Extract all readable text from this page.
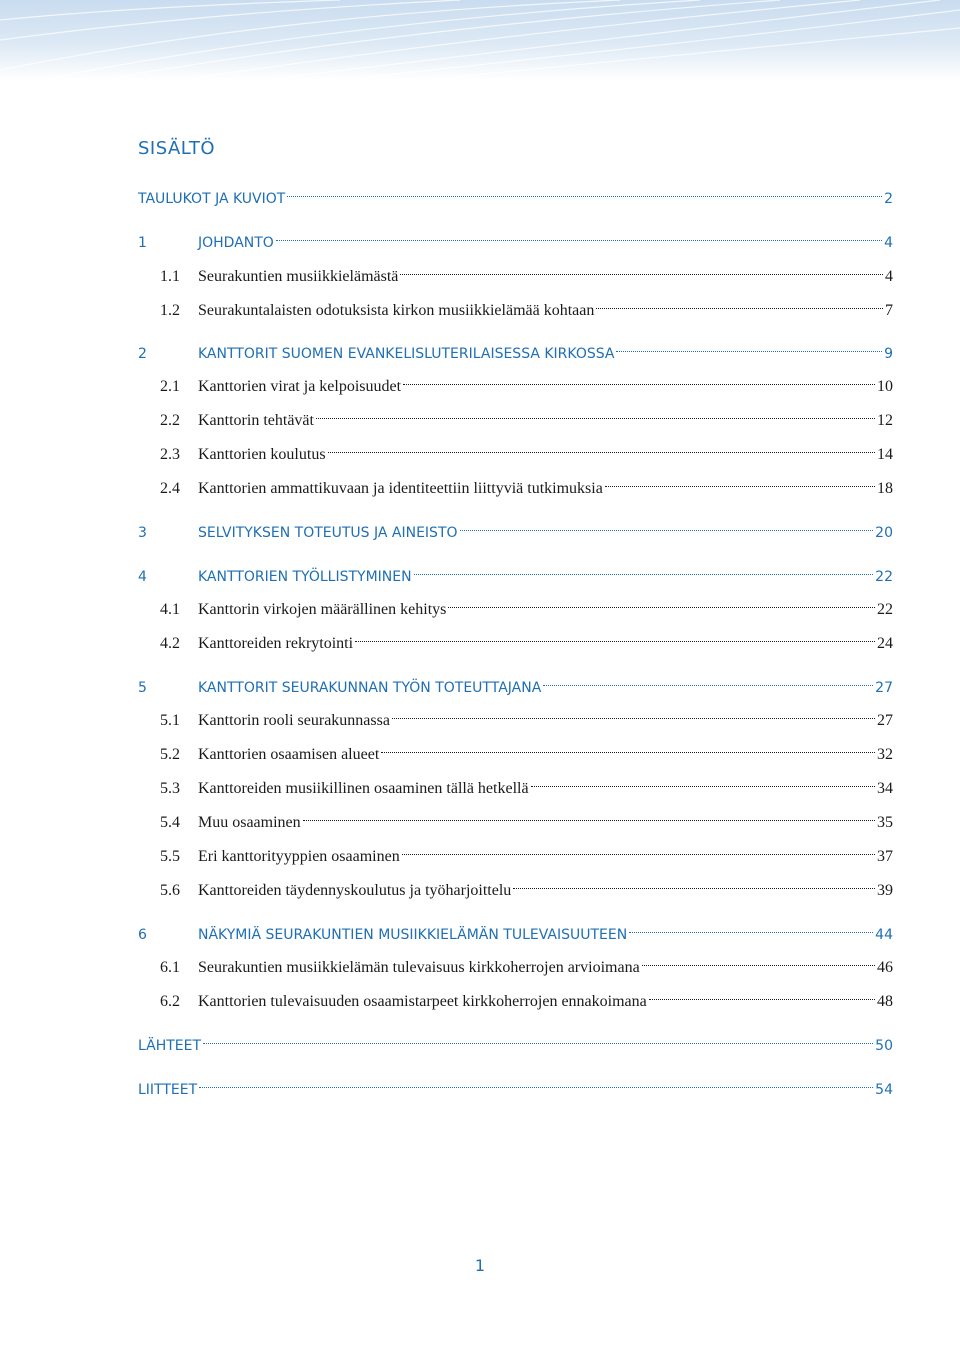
SISÄLTÖ
TAULUKOT JA KUVIOT	2
1	JOHDANTO	4
1.1	Seurakuntien musiikkielämästä	4
1.2	Seurakuntalaisten odotuksista kirkon musiikkielämää kohtaan	7
2	KANTTORIT SUOMEN EVANKELISLUTERILAISESSA KIRKOSSA	9
2.1	Kanttorien virat ja kelpoisuudet	10
2.2	Kanttorin tehtävät	12
2.3	Kanttorien koulutus	14
2.4	Kanttorien ammattikuvaan ja identiteettiin liittyviä tutkimuksia	18
3	SELVITYKSEN TOTEUTUS JA AINEISTO	20
4	KANTTORIEN TYÖLLISTYMINEN	22
4.1	Kanttorin virkojen määrällinen kehitys	22
4.2	Kanttoreiden rekrytointi	24
5	KANTTORIT SEURAKUNNAN TYÖN TOTEUTTAJANA	27
5.1	Kanttorin rooli seurakunnassa	27
5.2	Kanttorien osaamisen alueet	32
5.3	Kanttoreiden musiikillinen osaaminen tällä hetkellä	34
5.4	Muu osaaminen	35
5.5	Eri kanttorityyppien osaaminen	37
5.6	Kanttoreiden täydennyskoulutus ja työharjoittelu	39
6	NÄKYMIÄ SEURAKUNTIEN MUSIIKKIELÄMÄN TULEVAISUUTEEN	44
6.1	Seurakuntien musiikkielämän tulevaisuus kirkkoherrojen arvioimana	46
6.2	Kanttorien tulevaisuuden osaamistarpeet kirkkoherrojen ennakoimana	48
LÄHTEET	50
LIITTEET	54
1
